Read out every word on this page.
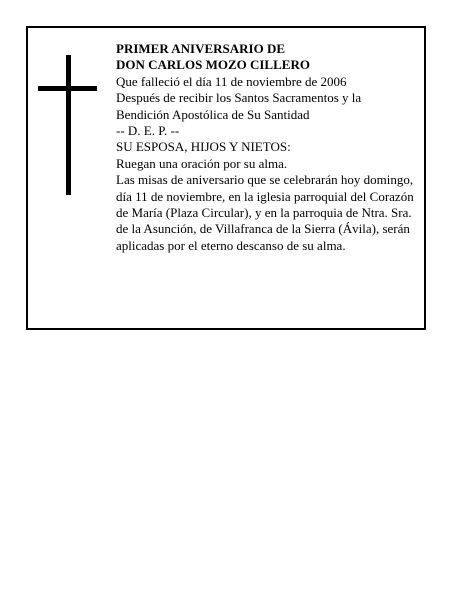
PRIMER ANIVERSARIO DE
DON CARLOS MOZO CILLERO
Que falleció el día 11 de noviembre de 2006
Después de recibir los Santos Sacramentos y la
Bendición Apostólica de Su Santidad
-- D. E. P. --
SU ESPOSA, HIJOS Y NIETOS:
Ruegan una oración por su alma.
Las misas de aniversario que se celebrarán hoy domingo, día 11 de noviembre, en la iglesia parroquial del Corazón de María (Plaza Circular), y en la parroquia de Ntra. Sra. de la Asunción, de Villafranca de la Sierra (Ávila), serán aplicadas por el eterno descanso de su alma.
